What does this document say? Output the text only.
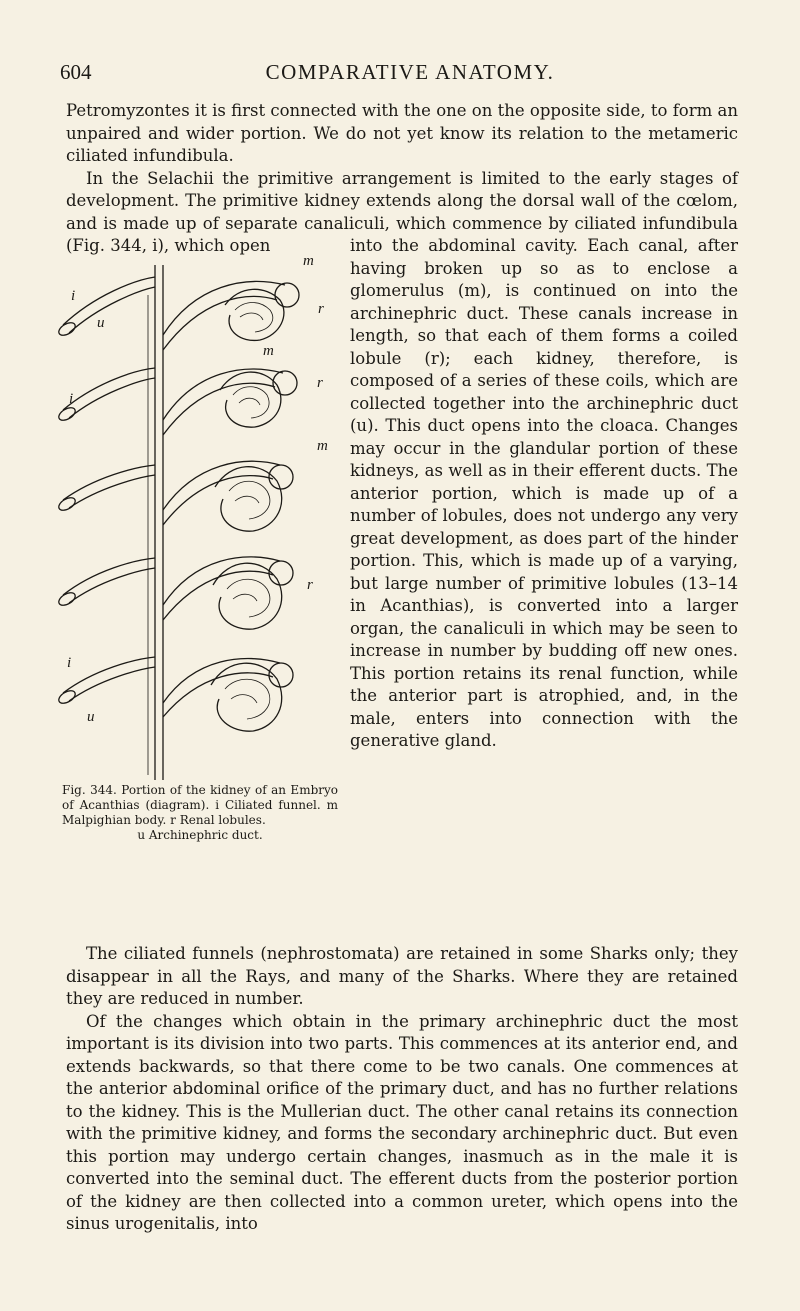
604	COMPARATIVE ANATOMY.

Petromyzontes it is first connected with the one on the opposite side, to form an unpaired and wider portion. We do not yet know its relation to the metameric ciliated infundibula.

In the Selachii the primitive arrangement is limited to the early stages of development. The primitive kidney extends along the dorsal wall of the cœlom, and is made up of separate canaliculi, which commence by ciliated infundibula (Fig. 344, i), which open

i
u
i
u
i
m
m
m
r
r
r
Fig. 344. Portion of the kidney of an Embryo of Acanthias (diagram). i Ciliated funnel. m Malpighian body. r Renal lobules.
u Archinephric duct.

into the abdominal cavity. Each canal, after having broken up so as to enclose a glomerulus (m), is continued on into the archinephric duct. These canals increase in length, so that each of them forms a coiled lobule (r); each kidney, therefore, is composed of a series of these coils, which are collected together into the archinephric duct (u). This duct opens into the cloaca. Changes may occur in the glandular portion of these kidneys, as well as in their efferent ducts. The anterior portion, which is made up of a number of lobules, does not undergo any very great development, as does part of the hinder portion. This, which is made up of a varying, but large number of primitive lobules (13–14 in Acanthias), is converted into a larger organ, the canaliculi in which may be seen to increase in number by budding off new ones. This portion retains its renal function, while the anterior part is atrophied, and, in the male, enters into connection with the generative gland.

The ciliated funnels (nephrostomata) are retained in some Sharks only; they disappear in all the Rays, and many of the Sharks. Where they are retained they are reduced in number.

Of the changes which obtain in the primary archinephric duct the most important is its division into two parts. This commences at its anterior end, and extends backwards, so that there come to be two canals. One commences at the anterior abdominal orifice of the primary duct, and has no further relations to the kidney. This is the Mullerian duct. The other canal retains its connection with the primitive kidney, and forms the secondary archinephric duct. But even this portion may undergo certain changes, inasmuch as in the male it is converted into the seminal duct. The efferent ducts from the posterior portion of the kidney are then collected into a common ureter, which opens into the sinus urogenitalis, into
